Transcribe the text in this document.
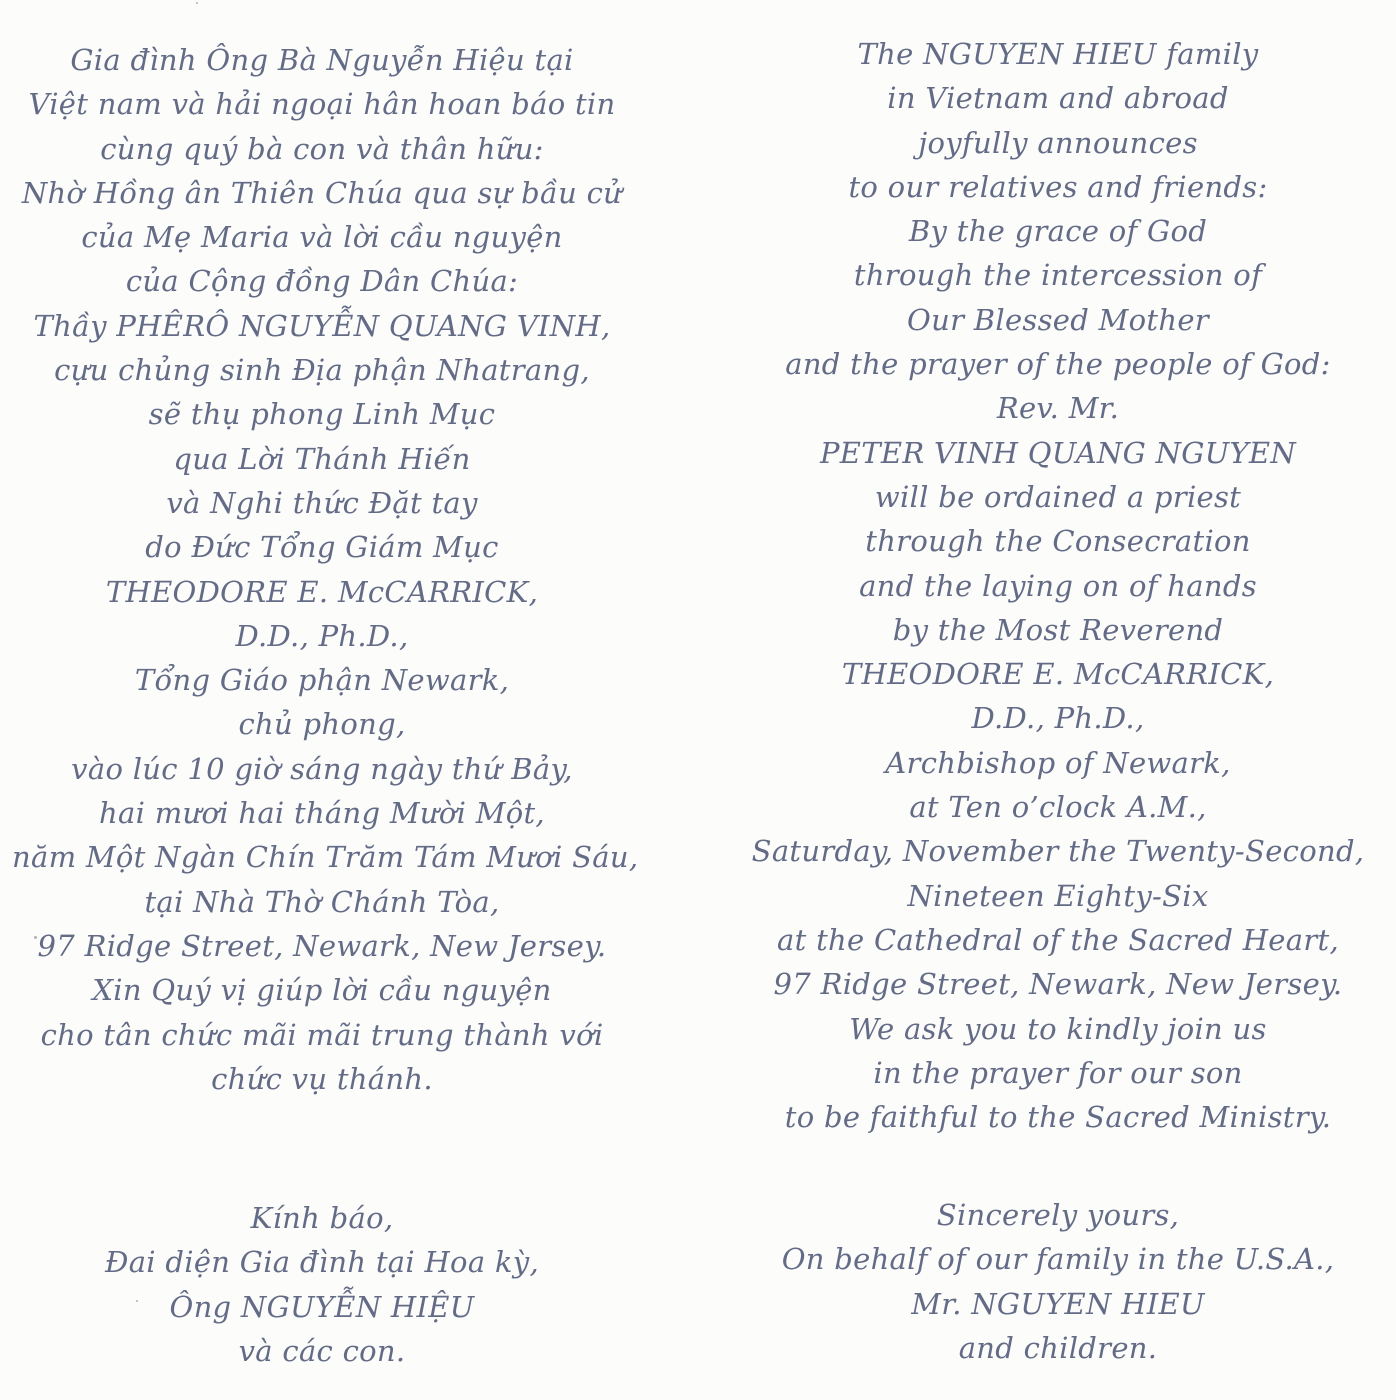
Gia đình Ông Bà Nguyễn Hiệu tại
Việt nam và hải ngoại hân hoan báo tin
cùng quý bà con và thân hữu:
Nhờ Hồng ân Thiên Chúa qua sự bầu cử
của Mẹ Maria và lời cầu nguyện
của Cộng đồng Dân Chúa:
Thầy PHÊRÔ NGUYỄN QUANG VINH,
cựu chủng sinh Địa phận Nhatrang,
sẽ thụ phong Linh Mục
qua Lời Thánh Hiến
và Nghi thức Đặt tay
do Đức Tổng Giám Mục
THEODORE E. McCARRICK,
D.D., Ph.D.,
Tổng Giáo phận Newark,
chủ phong,
vào lúc 10 giờ sáng ngày thứ Bảy,
hai mươi hai tháng Mười Một,
năm Một Ngàn Chín Trăm Tám Mươi Sáu,
tại Nhà Thờ Chánh Tòa,
97 Ridge Street, Newark, New Jersey.
Xin Quý vị giúp lời cầu nguyện
cho tân chức mãi mãi trung thành với
chức vụ thánh.
Kính báo,
Đai diện Gia đình tại Hoa kỳ,
Ông NGUYỄN HIỆU
và các con.
The NGUYEN HIEU family
in Vietnam and abroad
joyfully announces
to our relatives and friends:
By the grace of God
through the intercession of
Our Blessed Mother
and the prayer of the people of God:
Rev. Mr.
PETER VINH QUANG NGUYEN
will be ordained a priest
through the Consecration
and the laying on of hands
by the Most Reverend
THEODORE E. McCARRICK,
D.D., Ph.D.,
Archbishop of Newark,
at Ten o’clock A.M.,
Saturday, November the Twenty-Second,
Nineteen Eighty-Six
at the Cathedral of the Sacred Heart,
97 Ridge Street, Newark, New Jersey.
We ask you to kindly join us
in the prayer for our son
to be faithful to the Sacred Ministry.
Sincerely yours,
On behalf of our family in the U.S.A.,
Mr. NGUYEN HIEU
and children.
